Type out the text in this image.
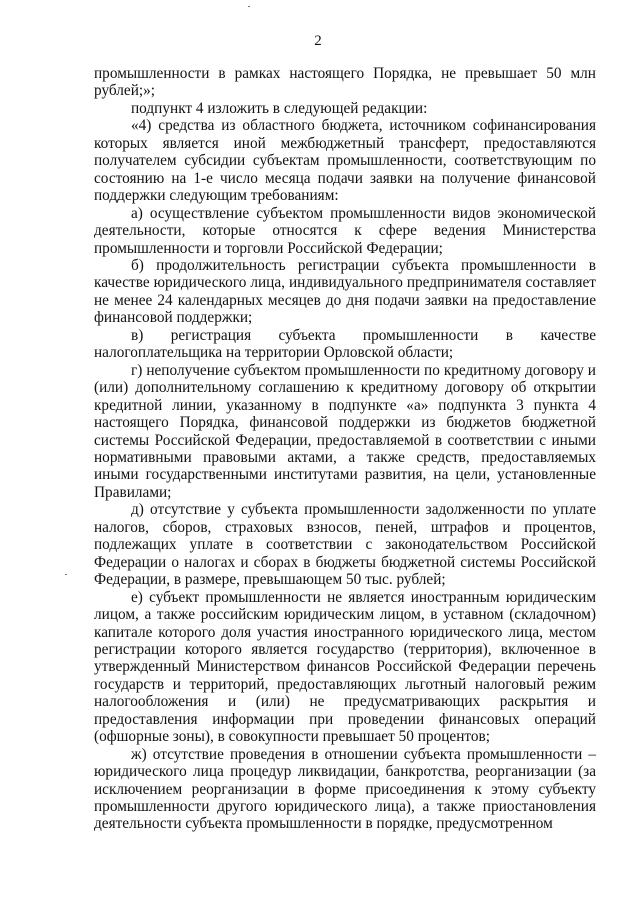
2

промышленности в рамках настоящего Порядка, не превышает 50 млн рублей;»;

подпункт 4 изложить в следующей редакции:

«4) средства из областного бюджета, источником софинансирования которых является иной межбюджетный трансферт, предоставляются получателем субсидии субъектам промышленности, соответствующим по состоянию на 1-е число месяца подачи заявки на получение финансовой поддержки следующим требованиям:

а) осуществление субъектом промышленности видов экономической деятельности, которые относятся к сфере ведения Министерства промышленности и торговли Российской Федерации;

б) продолжительность регистрации субъекта промышленности в качестве юридического лица, индивидуального предпринимателя составляет не менее 24 календарных месяцев до дня подачи заявки на предоставление финансовой поддержки;

в) регистрация субъекта промышленности в качестве налогоплательщика на территории Орловской области;

г) неполучение субъектом промышленности по кредитному договору и (или) дополнительному соглашению к кредитному договору об открытии кредитной линии, указанному в подпункте «а» подпункта 3 пункта 4 настоящего Порядка, финансовой поддержки из бюджетов бюджетной системы Российской Федерации, предоставляемой в соответствии с иными нормативными правовыми актами, а также средств, предоставляемых иными государственными институтами развития, на цели, установленные Правилами;

д) отсутствие у субъекта промышленности задолженности по уплате налогов, сборов, страховых взносов, пеней, штрафов и процентов, подлежащих уплате в соответствии с законодательством Российской Федерации о налогах и сборах в бюджеты бюджетной системы Российской Федерации, в размере, превышающем 50 тыс. рублей;

е) субъект промышленности не является иностранным юридическим лицом, а также российским юридическим лицом, в уставном (складочном) капитале которого доля участия иностранного юридического лица, местом регистрации которого является государство (территория), включенное в утвержденный Министерством финансов Российской Федерации перечень государств и территорий, предоставляющих льготный налоговый режим налогообложения и (или) не предусматривающих раскрытия и предоставления информации при проведении финансовых операций (офшорные зоны), в совокупности превышает 50 процентов;

ж) отсутствие проведения в отношении субъекта промышленности – юридического лица процедур ликвидации, банкротства, реорганизации (за исключением реорганизации в форме присоединения к этому субъекту промышленности другого юридического лица), а также приостановления деятельности субъекта промышленности в порядке, предусмотренном
